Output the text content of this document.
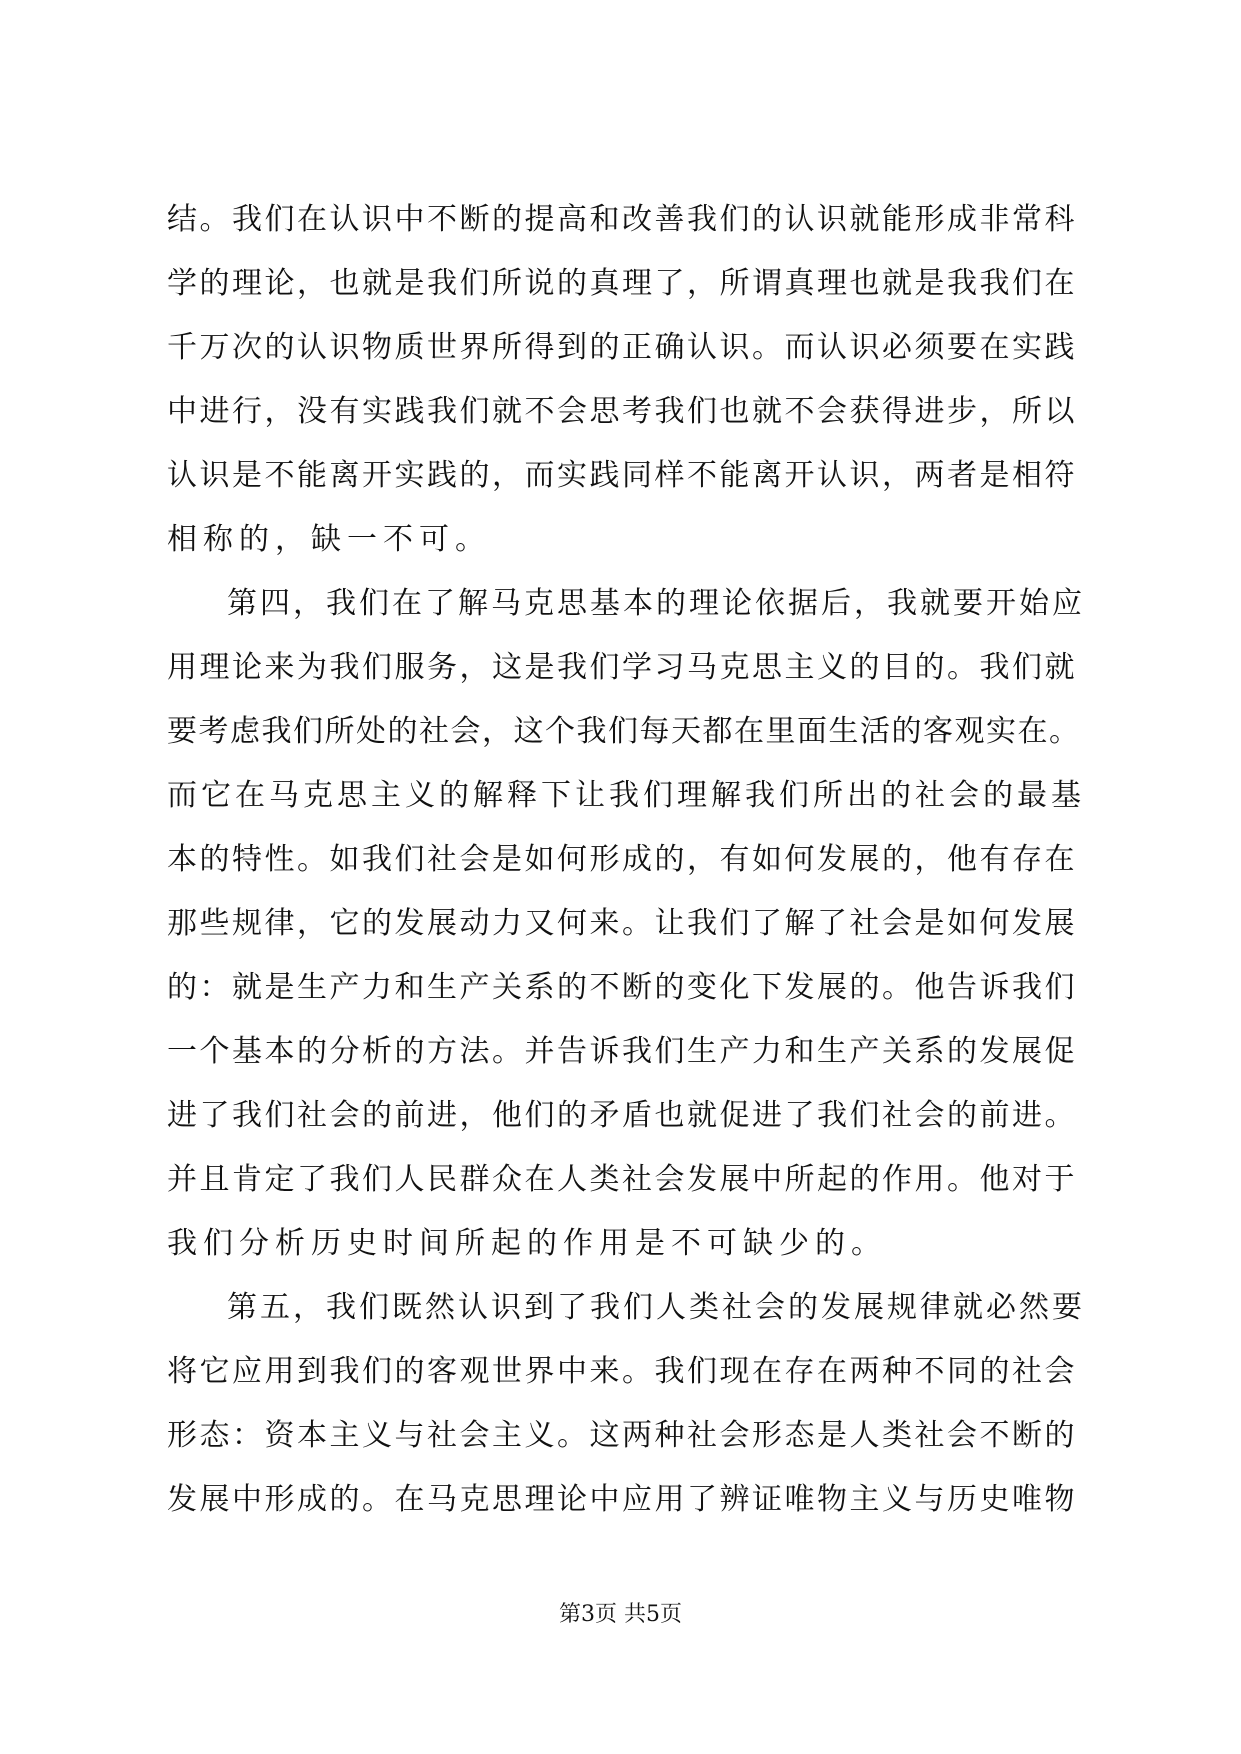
结。我们在认识中不断的提高和改善我们的认识就能形成非常科
学的理论，也就是我们所说的真理了，所谓真理也就是我我们在
千万次的认识物质世界所得到的正确认识。而认识必须要在实践
中进行，没有实践我们就不会思考我们也就不会获得进步，所以
认识是不能离开实践的，而实践同样不能离开认识，两者是相符
相称的，缺一不可。
第四，我们在了解马克思基本的理论依据后，我就要开始应
用理论来为我们服务，这是我们学习马克思主义的目的。我们就
要考虑我们所处的社会，这个我们每天都在里面生活的客观实在。
而它在马克思主义的解释下让我们理解我们所出的社会的最基
本的特性。如我们社会是如何形成的，有如何发展的，他有存在
那些规律，它的发展动力又何来。让我们了解了社会是如何发展
的：就是生产力和生产关系的不断的变化下发展的。他告诉我们
一个基本的分析的方法。并告诉我们生产力和生产关系的发展促
进了我们社会的前进，他们的矛盾也就促进了我们社会的前进。
并且肯定了我们人民群众在人类社会发展中所起的作用。他对于
我们分析历史时间所起的作用是不可缺少的。
第五，我们既然认识到了我们人类社会的发展规律就必然要
将它应用到我们的客观世界中来。我们现在存在两种不同的社会
形态：资本主义与社会主义。这两种社会形态是人类社会不断的
发展中形成的。在马克思理论中应用了辨证唯物主义与历史唯物
第3页 共5页
